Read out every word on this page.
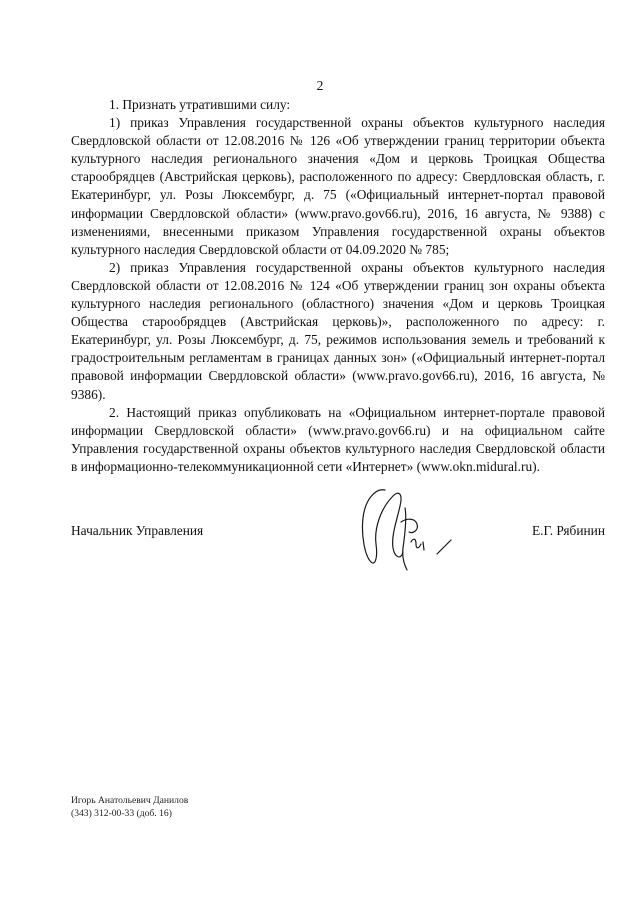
2

1. Признать утратившими силу:

1) приказ Управления государственной охраны объектов культурного наследия Свердловской области от 12.08.2016 № 126 «Об утверждении границ территории объекта культурного наследия регионального значения «Дом и церковь Троицкая Общества старообрядцев (Австрийская церковь), расположенного по адресу: Свердловская область, г. Екатеринбург, ул. Розы Люксембург, д. 75 («Официальный интернет-портал правовой информации Свердловской области» (www.pravo.gov66.ru), 2016, 16 августа, № 9388) с изменениями, внесенными приказом Управления государственной охраны объектов культурного наследия Свердловской области от 04.09.2020 № 785;

2) приказ Управления государственной охраны объектов культурного наследия Свердловской области от 12.08.2016 № 124 «Об утверждении границ зон охраны объекта культурного наследия регионального (областного) значения «Дом и церковь Троицкая Общества старообрядцев (Австрийская церковь)», расположенного по адресу: г. Екатеринбург, ул. Розы Люксембург, д. 75, режимов использования земель и требований к градостроительным регламентам в границах данных зон» («Официальный интернет-портал правовой информации Свердловской области» (www.pravo.gov66.ru), 2016, 16 августа, № 9386).

2. Настоящий приказ опубликовать на «Официальном интернет-портале правовой информации Свердловской области» (www.pravo.gov66.ru) и на официальном сайте Управления государственной охраны объектов культурного наследия Свердловской области в информационно-телекоммуникационной сети «Интернет» (www.okn.midural.ru).

Начальник Управления	Е.Г. Рябинин
Игорь Анатольевич Данилов
(343) 312-00-33 (доб. 16)
